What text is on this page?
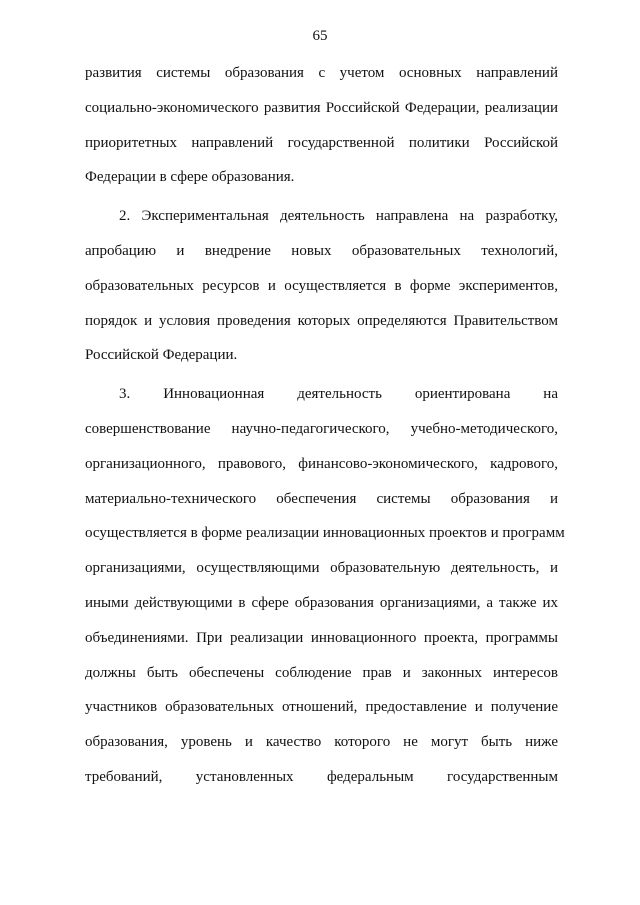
65
развития системы образования с учетом основных направлений
социально-экономического развития Российской Федерации, реализации
приоритетных направлений государственной политики Российской
Федерации в сфере образования.
2. Экспериментальная деятельность направлена на разработку,
апробацию и внедрение новых образовательных технологий,
образовательных ресурсов и осуществляется в форме экспериментов,
порядок и условия проведения которых определяются Правительством
Российской Федерации.
3. Инновационная деятельность ориентирована на
совершенствование научно-педагогического, учебно-методического,
организационного, правового, финансово-экономического, кадрового,
материально-технического обеспечения системы образования и
осуществляется в форме реализации инновационных проектов и программ
организациями, осуществляющими образовательную деятельность, и
иными действующими в сфере образования организациями, а также их
объединениями. При реализации инновационного проекта, программы
должны быть обеспечены соблюдение прав и законных интересов
участников образовательных отношений, предоставление и получение
образования, уровень и качество которого не могут быть ниже
требований, установленных федеральным государственным
